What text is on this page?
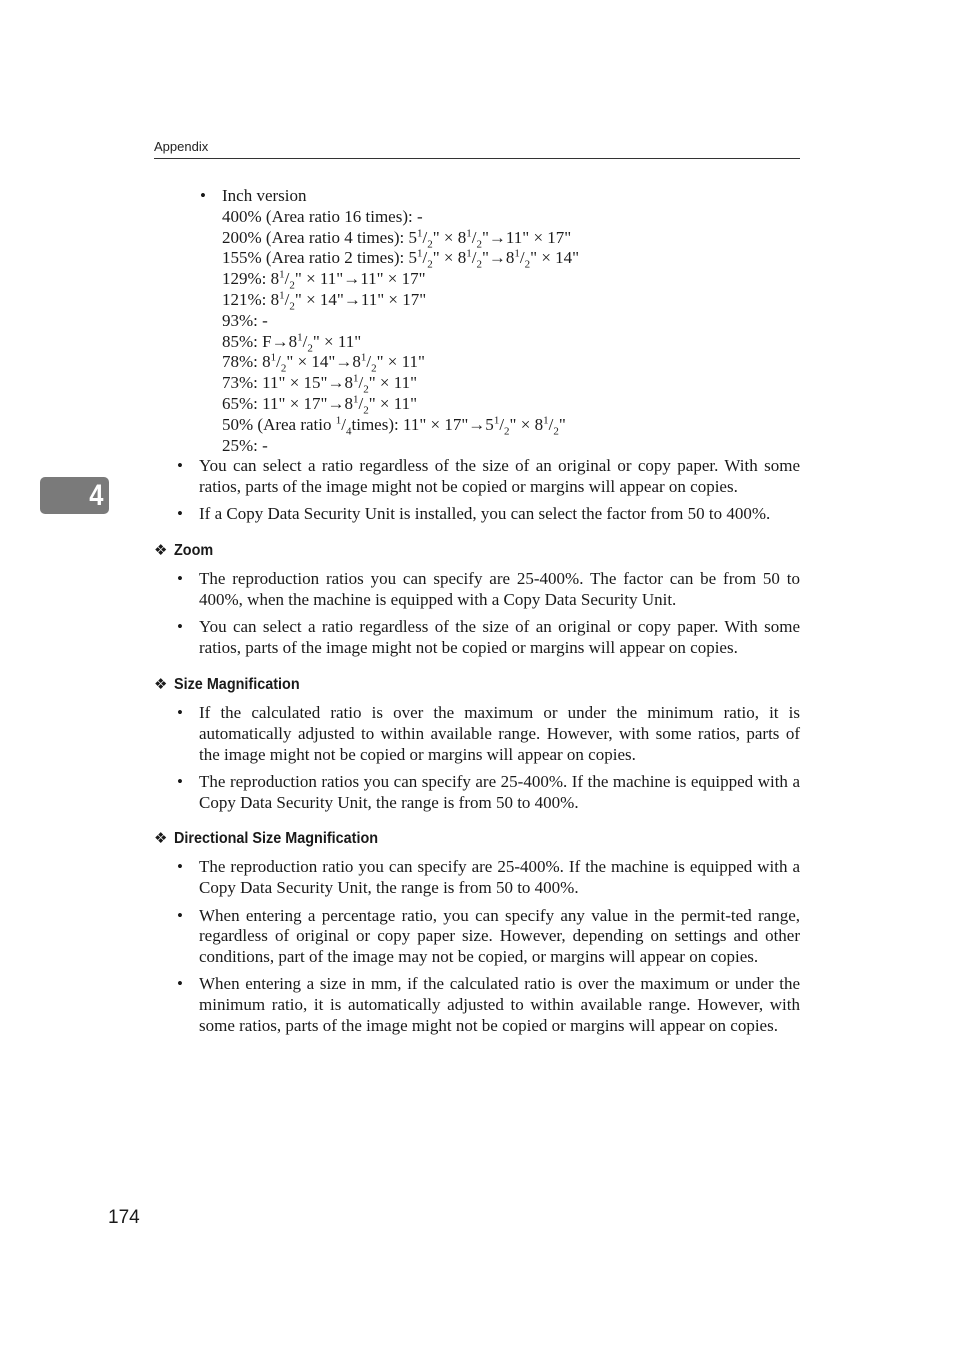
Appendix
4
• Inch version
400% (Area ratio 16 times): -
200% (Area ratio 4 times): $5^1/_2$" × $8^1/_2"\to 11$" × 17"
155% (Area ratio 2 times): $5^1/_2$" × $8^1/_2"\to 8^1/_2$" × 14"
129%: $8^1/_2$" × 11"→11" × 17"
121%: $8^1/_2$" × 14"→11" × 17"
93%: -
85%: $F\to 8^1/_2$" × 11"
78%: $8^1/_2$" × $14"\to 8^1/_2$" × 11"
73%: 11" × $15"\to 8^1/_2$" × 11"
65%: 11" × $17"\to 8^1/_2$" × 11"
50% (Area ratio $^1/_4times$): 11" × $17"\to 5^1/_2$" × $8^1/_2$"
25%: -
• You can select a ratio regardless of the size of an original or copy paper. With some ratios, parts of the image might not be copied or margins will appear on copies.
• If a Copy Data Security Unit is installed, you can select the factor from 50 to 400%.
❖ Zoom
• The reproduction ratios you can specify are 25-400%. The factor can be from 50 to 400%, when the machine is equipped with a Copy Data Security Unit.
• You can select a ratio regardless of the size of an original or copy paper. With some ratios, parts of the image might not be copied or margins will appear on copies.
❖ Size Magnification
• If the calculated ratio is over the maximum or under the minimum ratio, it is automatically adjusted to within available range. However, with some ratios, parts of the image might not be copied or margins will appear on copies.
• The reproduction ratios you can specify are 25-400%. If the machine is equipped with a Copy Data Security Unit, the range is from 50 to 400%.
❖ Directional Size Magnification
• The reproduction ratio you can specify are 25-400%. If the machine is equipped with a Copy Data Security Unit, the range is from 50 to 400%.
• When entering a percentage ratio, you can specify any value in the permit-ted range, regardless of original or copy paper size. However, depending on settings and other conditions, part of the image may not be copied, or margins will appear on copies.
• When entering a size in mm, if the calculated ratio is over the maximum or under the minimum ratio, it is automatically adjusted to within available range. However, with some ratios, parts of the image might not be copied or margins will appear on copies.
174
